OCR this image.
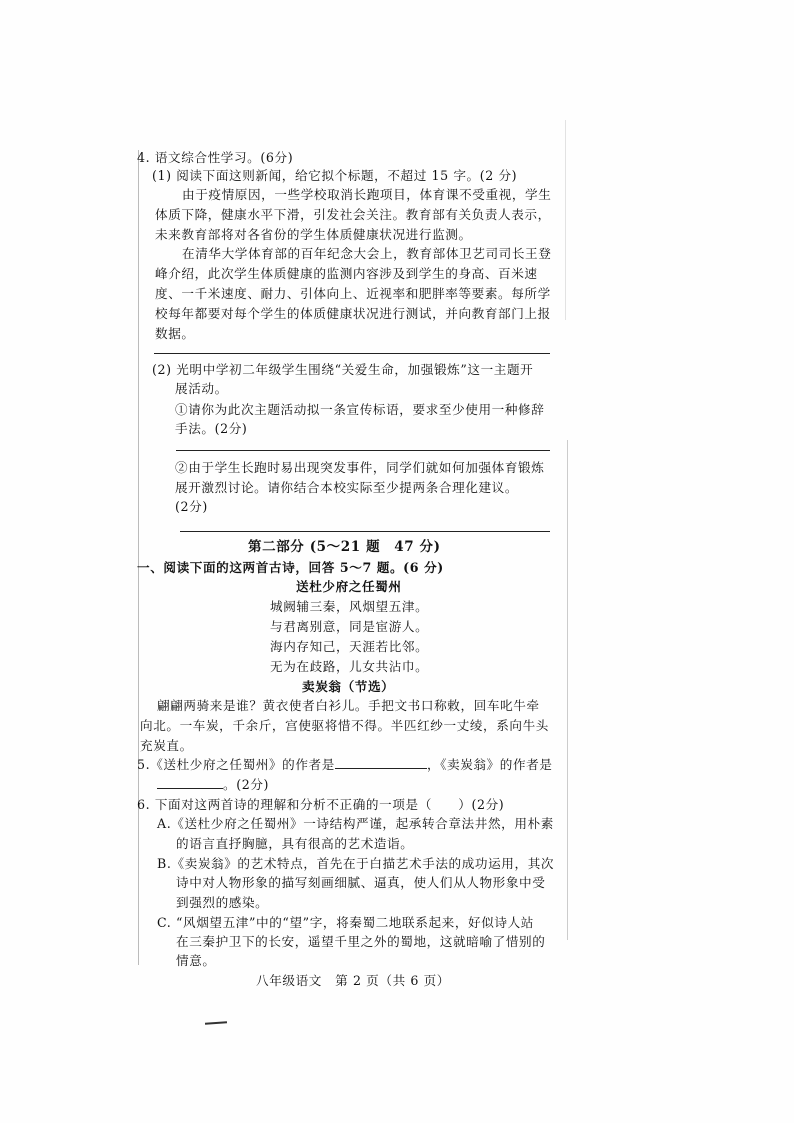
4. 语文综合性学习。(6分)
(1) 阅读下面这则新闻，给它拟个标题，不超过 15 字。(2 分)
由于疫情原因，一些学校取消长跑项目，体育课不受重视，学生
体质下降，健康水平下滑，引发社会关注。教育部有关负责人表示，
未来教育部将对各省份的学生体质健康状况进行监测。
在清华大学体育部的百年纪念大会上，教育部体卫艺司司长王登
峰介绍，此次学生体质健康的监测内容涉及到学生的身高、百米速
度、一千米速度、耐力、引体向上、近视率和肥胖率等要素。每所学
校每年都要对每个学生的体质健康状况进行测试，并向教育部门上报
数据。
(2) 光明中学初二年级学生围绕“关爱生命，加强锻炼”这一主题开
展活动。
①请你为此次主题活动拟一条宣传标语，要求至少使用一种修辞
手法。(2分)
②由于学生长跑时易出现突发事件，同学们就如何加强体育锻炼
展开激烈讨论。请你结合本校实际至少提两条合理化建议。
(2分)
第二部分 (5～21 题　47 分)
一、阅读下面的这两首古诗，回答 5～7 题。(6 分)
送杜少府之任蜀州
城阙辅三秦，风烟望五津。
与君离别意，同是宦游人。
海内存知己，天涯若比邻。
无为在歧路，儿女共沾巾。
卖炭翁（节选）
翩翩两骑来是谁？黄衣使者白衫儿。手把文书口称敕，回车叱牛牵
向北。一车炭，千余斤，宫使驱将惜不得。半匹红纱一丈绫，系向牛头
充炭直。
5.《送杜少府之任蜀州》的作者是	，《卖炭翁》的作者是
。(2分)
6. 下面对这两首诗的理解和分析不正确的一项是（　　）(2分)
A.《送杜少府之任蜀州》一诗结构严谨，起承转合章法井然，用朴素
的语言直抒胸臆，具有很高的艺术造诣。
B.《卖炭翁》的艺术特点，首先在于白描艺术手法的成功运用，其次
诗中对人物形象的描写刻画细腻、逼真，使人们从人物形象中受
到强烈的感染。
C. “风烟望五津”中的“望”字，将秦蜀二地联系起来，好似诗人站
在三秦护卫下的长安，遥望千里之外的蜀地，这就暗喻了惜别的
情意。
八年级语文　第 2 页（共 6 页）
